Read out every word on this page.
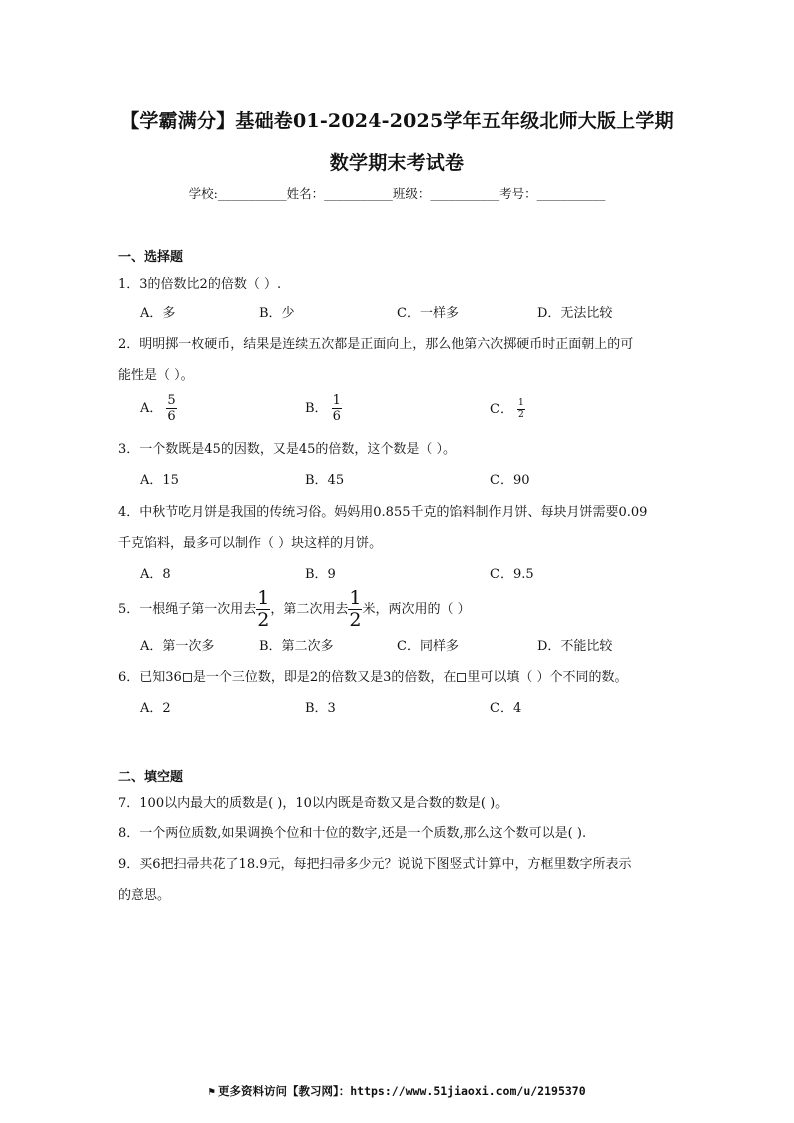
【学霸满分】基础卷01-2024-2025学年五年级北师大版上学期
数学期末考试卷
学校:___________姓名：___________班级：___________考号：___________
一、选择题
1．3的倍数比2的倍数（ ）.
A．多	B．少	C．一样多	D．无法比较
2．明明掷一枚硬币，结果是连续五次都是正面向上，那么他第六次掷硬币时正面朝上的可
能性是（ ）。
A． $\frac{5}{6}$	B． $\frac{1}{6}$	C． $\frac{1}{2}$
3．一个数既是45的因数，又是45的倍数，这个数是（ ）。
A．15	B．45	C．90
4．中秋节吃月饼是我国的传统习俗。妈妈用0.855千克的馅料制作月饼、每块月饼需要0.09
千克馅料，最多可以制作（ ）块这样的月饼。
A．8	B．9	C．9.5
5．一根绳子第一次用去 $\frac{1}{2}$ ，第二次用去 $\frac{1}{2}$ 米，两次用的（ ）
A．第一次多	B．第二次多	C．同样多	D．不能比较
6．已知36 是一个三位数，即是2的倍数又是3的倍数，在 里可以填（ ）个不同的数。
A．2	B．3	C．4
二、填空题
7．100以内最大的质数是( )，10以内既是奇数又是合数的数是( )。
8．一个两位质数,如果调换个位和十位的数字,还是一个质数,那么这个数可以是( ).
9．买6把扫帚共花了18.9元，每把扫帚多少元？说说下图竖式计算中，方框里数字所表示
的意思。
⚑ 更多资料访问【教习网】：https://www.51jiaoxi.com/u/2195370
